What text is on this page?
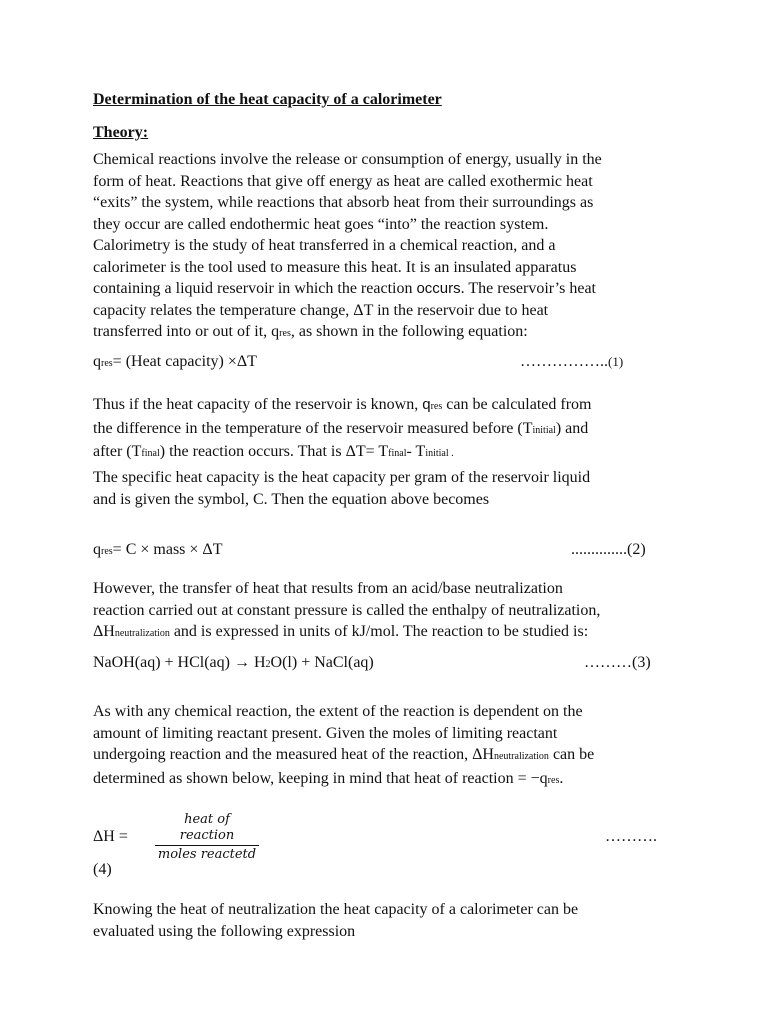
Determination of the heat capacity of a calorimeter
Theory:
Chemical reactions involve the release or consumption of energy, usually in the
form of heat. Reactions that give off energy as heat are called exothermic heat
“exits” the system, while reactions that absorb heat from their surroundings as
they occur are called endothermic heat goes “into” the reaction system.
Calorimetry is the study of heat transferred in a chemical reaction, and a
calorimeter is the tool used to measure this heat. It is an insulated apparatus
containing a liquid reservoir in which the reaction occurs. The reservoir’s heat
capacity relates the temperature change, ΔT in the reservoir due to heat
transferred into or out of it, qres, as shown in the following equation:
qres= (Heat capacity) ×ΔT	……………..(1)
Thus if the heat capacity of the reservoir is known, qres can be calculated from
the difference in the temperature of the reservoir measured before (Tinitial) and
after (Tfinal) the reaction occurs. That is ΔT= Tfinal- Tinitial .
The specific heat capacity is the heat capacity per gram of the reservoir liquid
and is given the symbol, C. Then the equation above becomes
qres= C × mass × ΔT	..............(2)
However, the transfer of heat that results from an acid/base neutralization
reaction carried out at constant pressure is called the enthalpy of neutralization,
ΔHneutralization and is expressed in units of kJ/mol. The reaction to be studied is:
NaOH(aq) + HCl(aq) → H2O(l) + NaCl(aq)	………(3)
As with any chemical reaction, the extent of the reaction is dependent on the
amount of limiting reactant present. Given the moles of limiting reactant
undergoing reaction and the measured heat of the reaction, ΔHneutralization can be
determined as shown below, keeping in mind that heat of reaction = −qres.
ΔH =
heat of reaction
moles reactetd
……….
(4)
Knowing the heat of neutralization the heat capacity of a calorimeter can be
evaluated using the following expression
